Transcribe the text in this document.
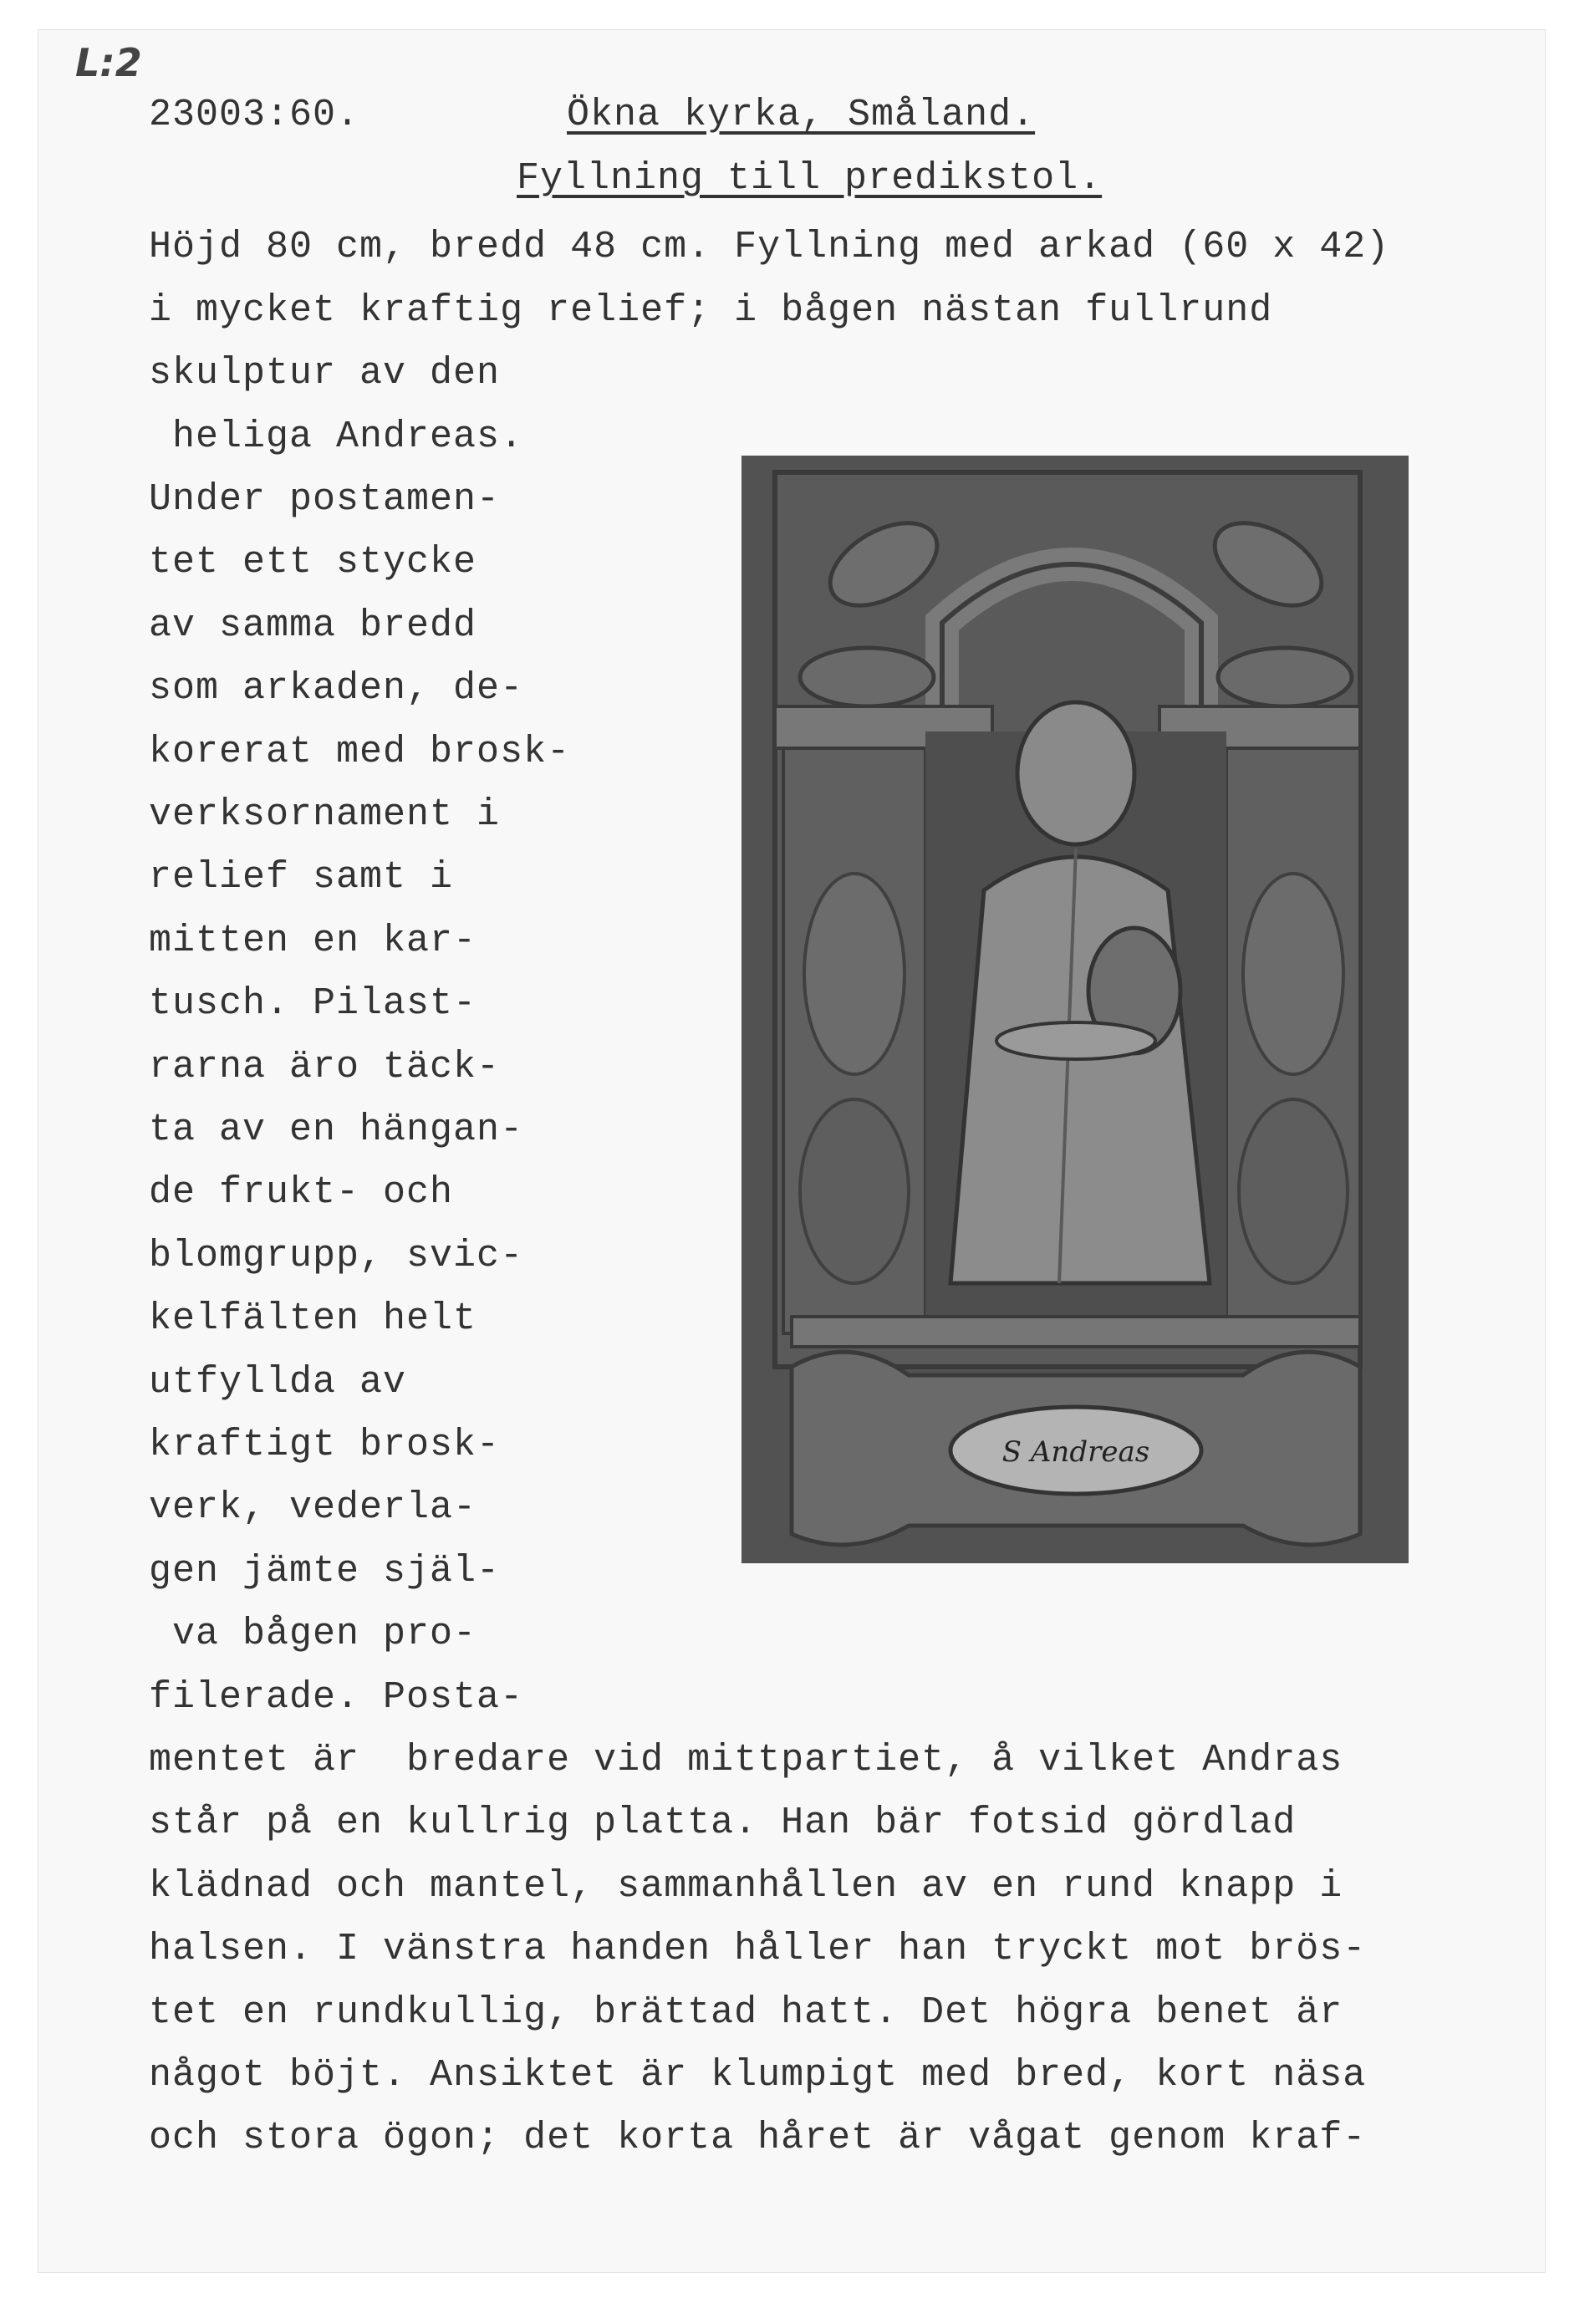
L:2
23003:60.	Ökna kyrka, Småland.
Fyllning till predikstol.
Höjd 80 cm, bredd 48 cm. Fyllning med arkad (60 x 42)
i mycket kraftig relief; i bågen nästan fullrund
skulptur av den
heliga Andreas.
Under postamen-
tet ett stycke
av samma bredd
som arkaden, de-
korerat med brosk-
verksornament i
relief samt i
mitten en kar-
tusch. Pilast-
rarna äro täck-
ta av en hängan-
de frukt- och
blomgrupp, svic-
kelfälten helt
utfyllda av
kraftigt brosk-
verk, vederla-
gen jämte själ-
va bågen pro-
filerade. Posta-
mentet är  bredare vid mittpartiet, å vilket Andras
står på en kullrig platta. Han bär fotsid gördlad
klädnad och mantel, sammanhållen av en rund knapp i
halsen. I vänstra handen håller han tryckt mot brös-
tet en rundkullig, brättad hatt. Det högra benet är
något böjt. Ansiktet är klumpigt med bred, kort näsa
och stora ögon; det korta håret är vågat genom kraf-
S Andreas
